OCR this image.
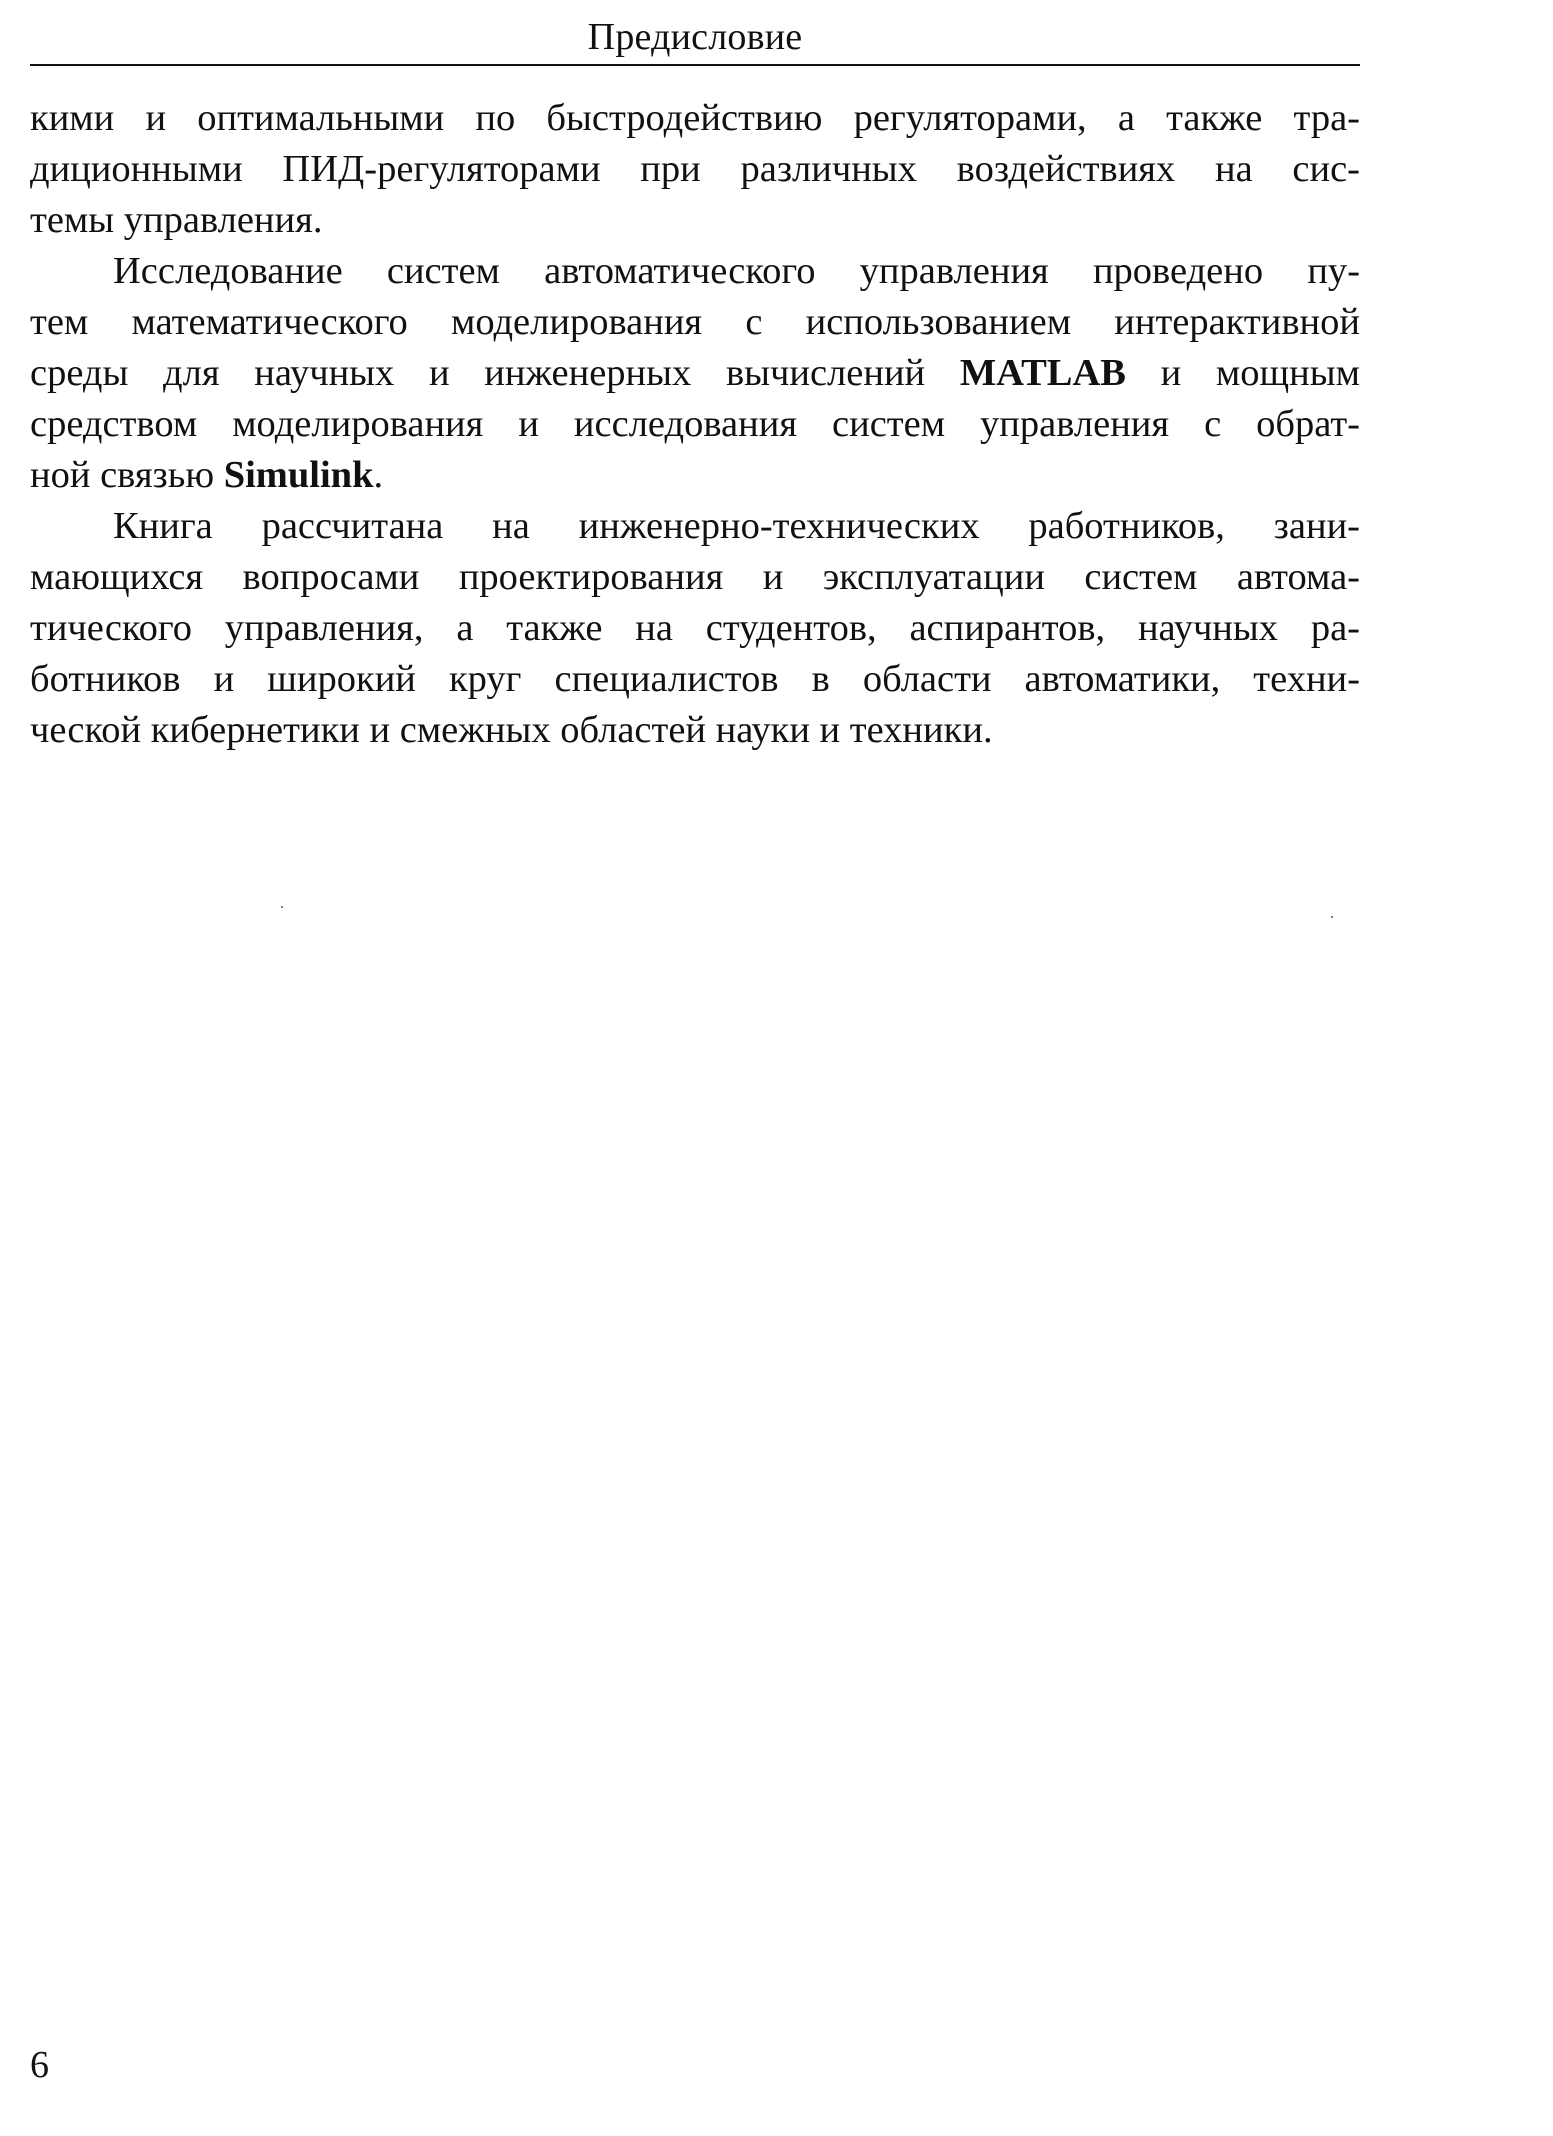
Предисловие
кими и оптимальными по быстродействию регуляторами, а также тра-
диционными ПИД-регуляторами при различных воздействиях на сис-
темы управления.
Исследование систем автоматического управления проведено пу-
тем математического моделирования с использованием интерактивной
среды для научных и инженерных вычислений MATLAB и мощным
средством моделирования и исследования систем управления с обрат-
ной связью Simulink.
Книга рассчитана на инженерно-технических работников, зани-
мающихся вопросами проектирования и эксплуатации систем автома-
тического управления, а также на студентов, аспирантов, научных ра-
ботников и широкий круг специалистов в области автоматики, техни-
ческой кибернетики и смежных областей науки и техники.
6
